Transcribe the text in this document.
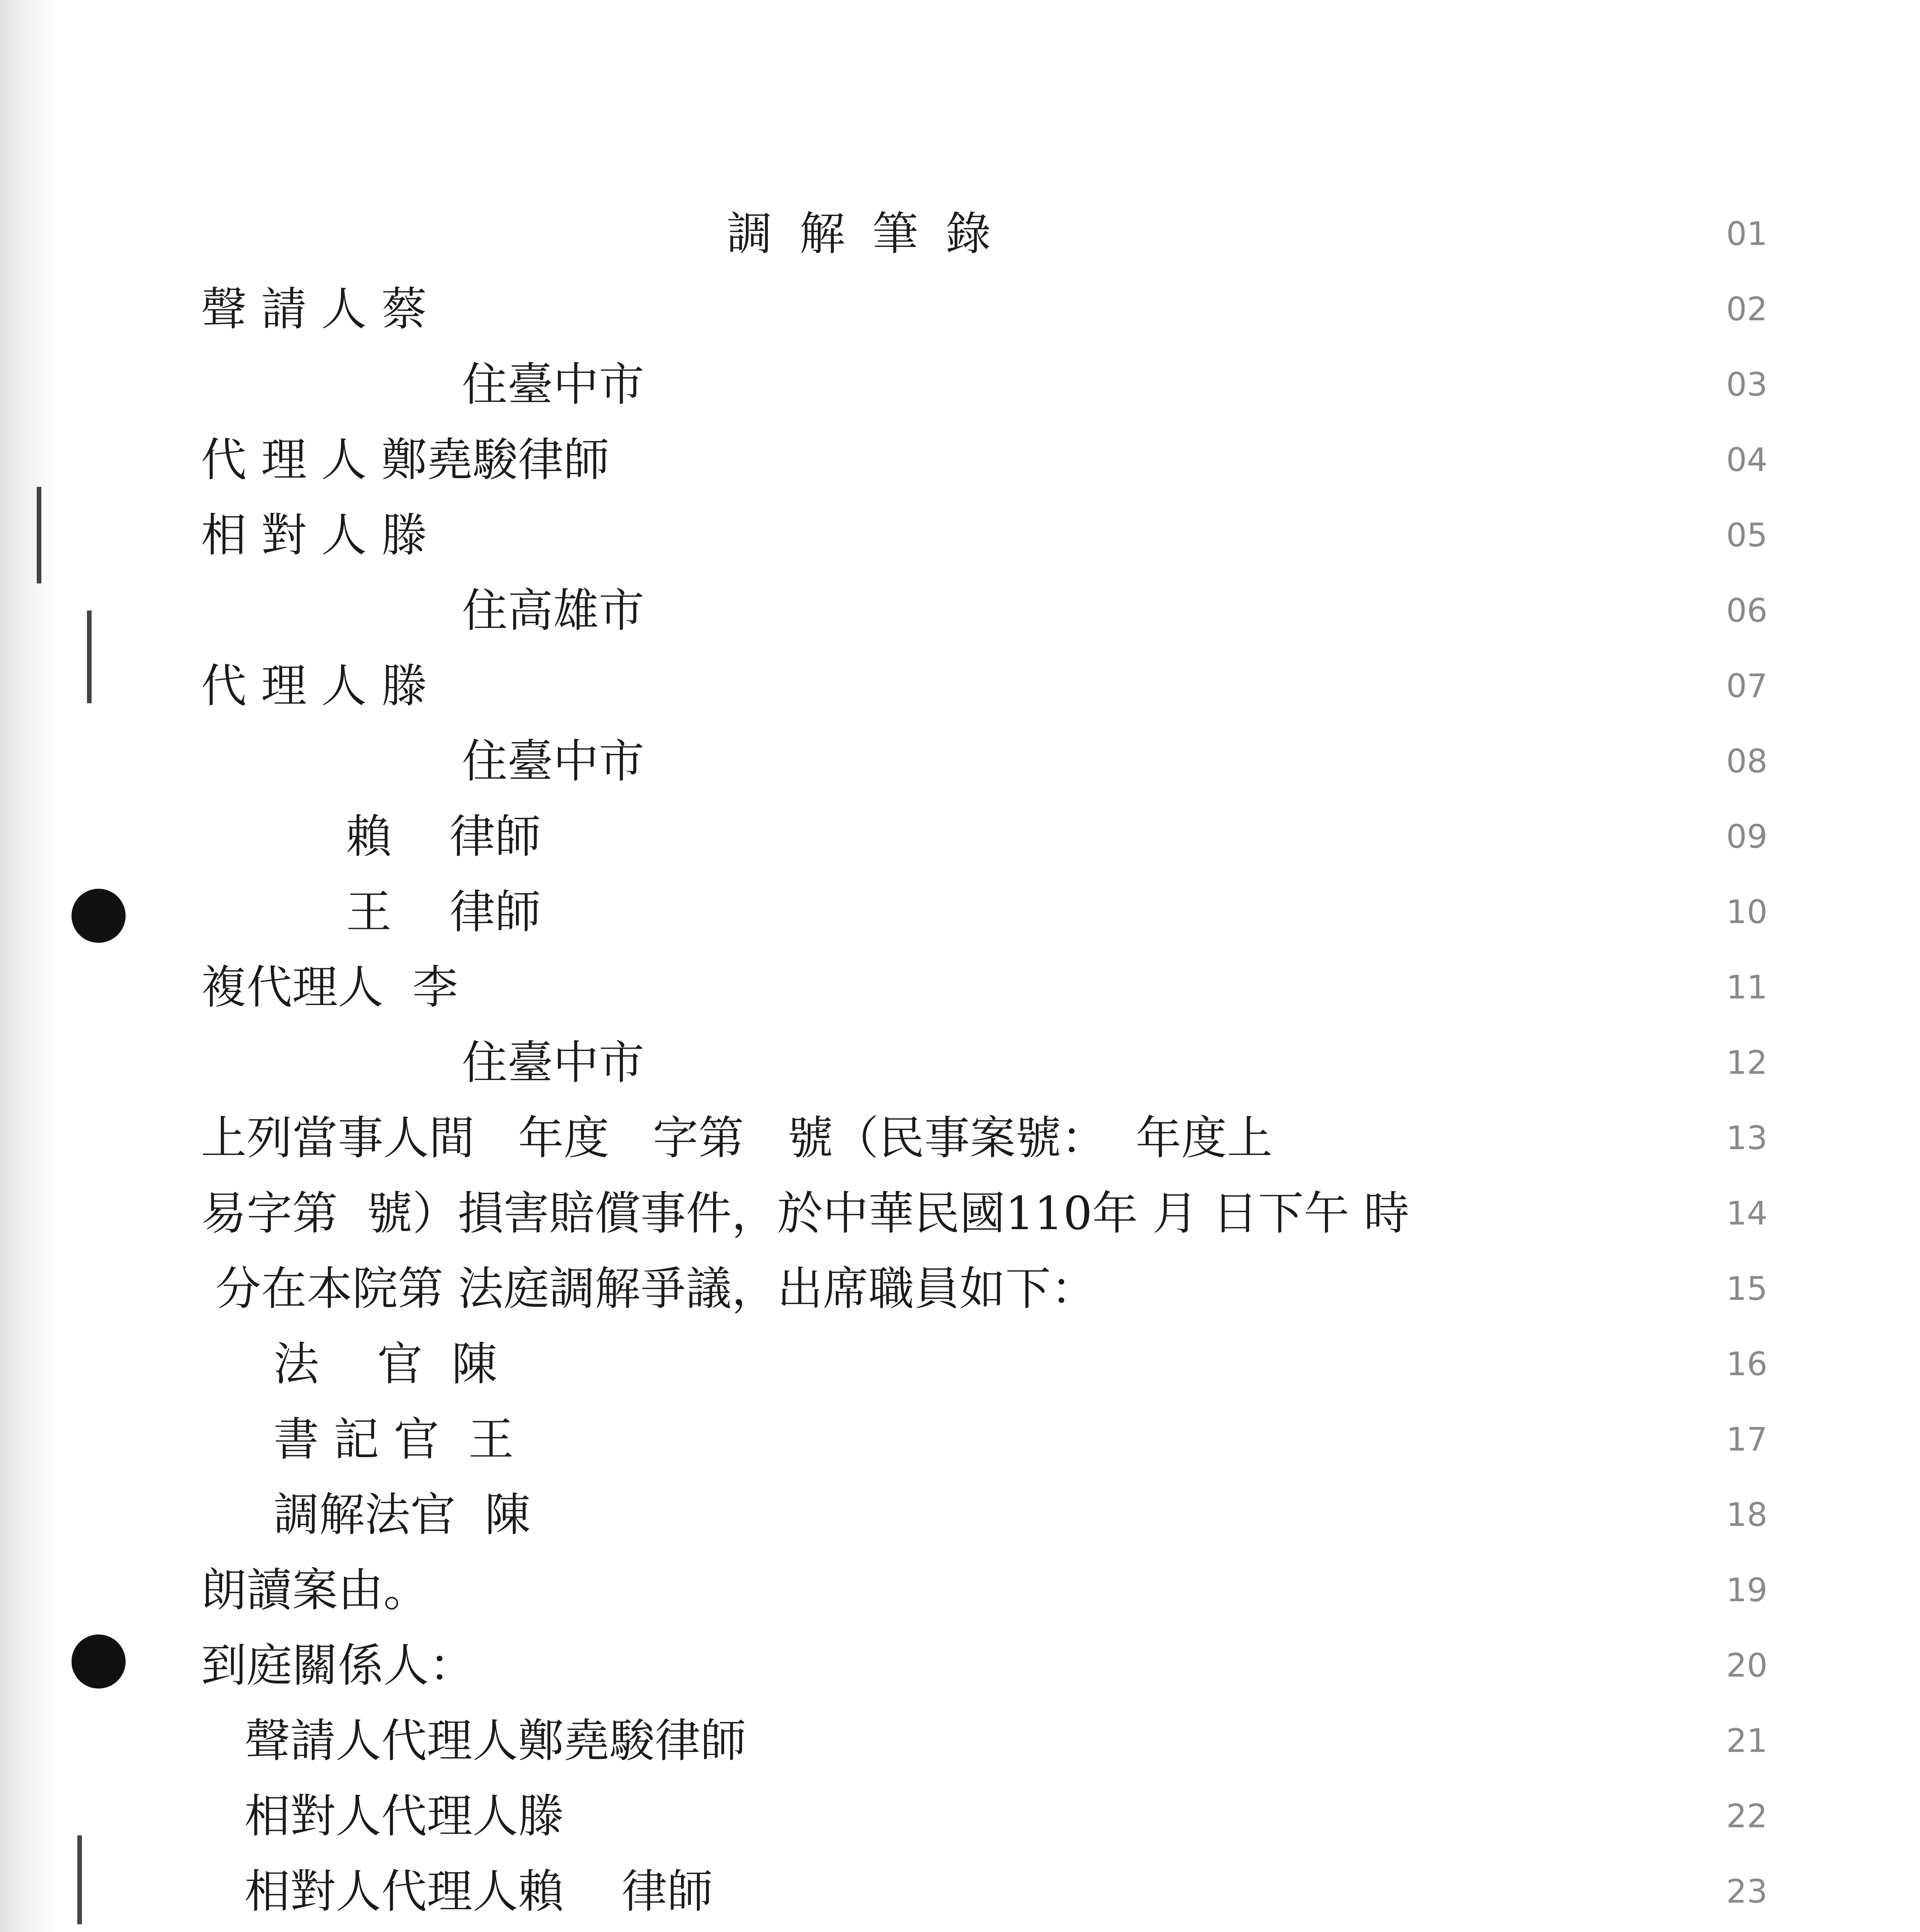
調解筆錄	01
聲 請 人 蔡	02
住臺中市	03
代 理 人 鄭堯駿律師	04
相 對 人 滕	05
住高雄市	06
代 理 人 滕	07
住臺中市	08
賴    律師	09
王    律師	10
複代理人  李	11
住臺中市	12
上列當事人間   年度   字第   號（民事案號：  年度上	13
易字第  號）損害賠償事件，於中華民國110年 月 日下午 時	14
分在本院第 法庭調解爭議，出席職員如下：	15
法    官  陳	16
書 記 官  王	17
調解法官  陳	18
朗讀案由。	19
到庭關係人：	20
聲請人代理人鄭堯駿律師	21
相對人代理人滕	22
相對人代理人賴    律師	23
